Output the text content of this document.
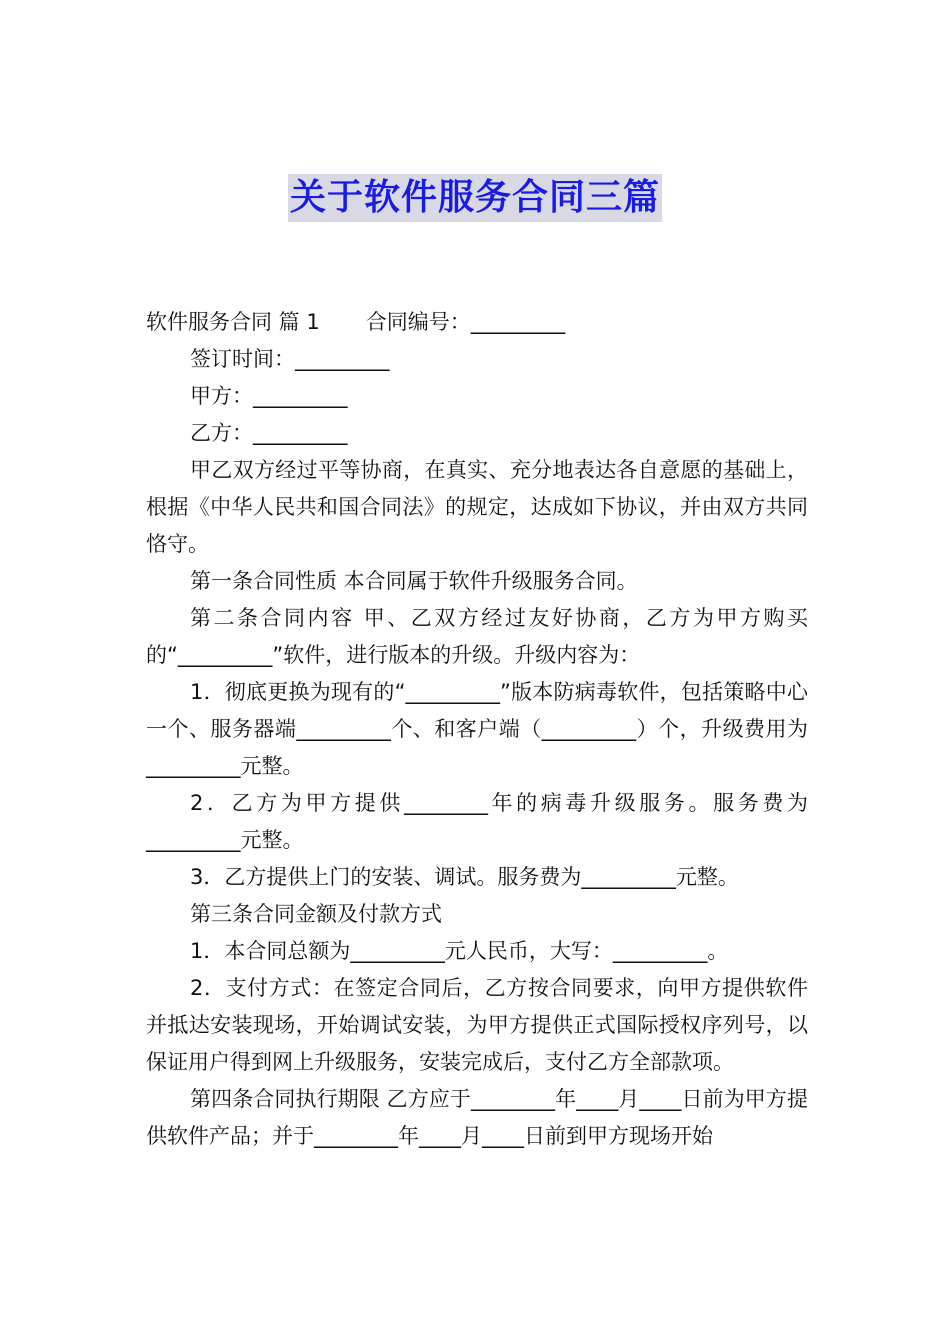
关于软件服务合同三篇

软件服务合同 篇 1 合同编号：_________

签订时间：_________

甲方：_________

乙方：_________

甲乙双方经过平等协商，在真实、充分地表达各自意愿的基础上，根据《中华人民共和国合同法》的规定，达成如下协议，并由双方共同恪守。

第一条合同性质 本合同属于软件升级服务合同。

第二条合同内容 甲、乙双方经过友好协商，乙方为甲方购买的“_________”软件，进行版本的升级。升级内容为：

1．彻底更换为现有的“_________”版本防病毒软件，包括策略中心一个、服务器端_________个、和客户端（_________）个，升级费用为_________元整。

2．乙方为甲方提供________年的病毒升级服务。服务费为_________元整。

3．乙方提供上门的安装、调试。服务费为_________元整。

第三条合同金额及付款方式

1．本合同总额为_________元人民币，大写：_________。

2．支付方式：在签定合同后，乙方按合同要求，向甲方提供软件并抵达安装现场，开始调试安装，为甲方提供正式国际授权序列号，以保证用户得到网上升级服务，安装完成后，支付乙方全部款项。

第四条合同执行期限 乙方应于________年____月____日前为甲方提供软件产品；并于________年____月____日前到甲方现场开始
